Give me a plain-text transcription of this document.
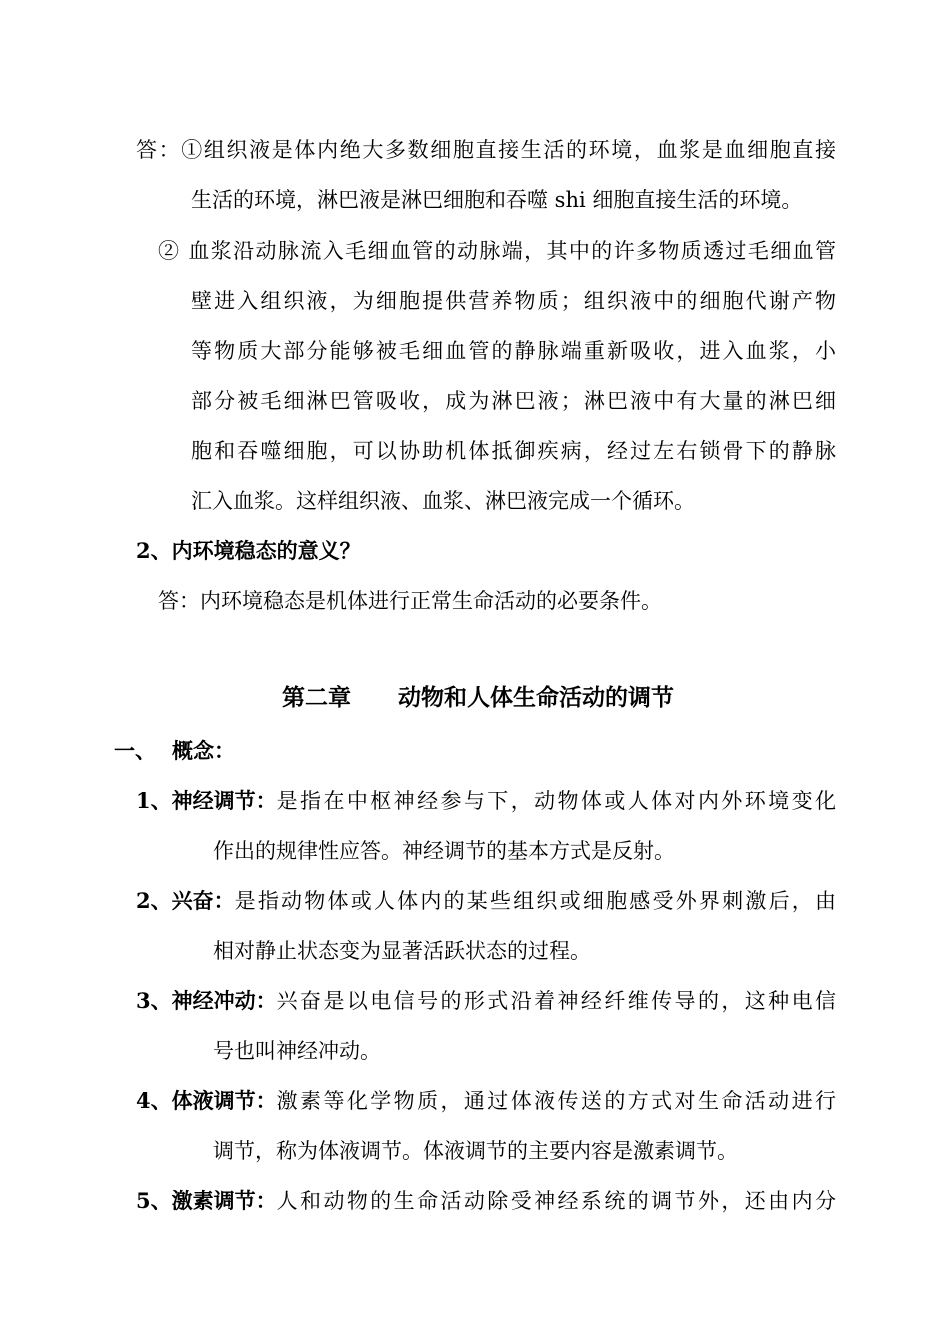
答：①组织液是体内绝大多数细胞直接生活的环境，血浆是血细胞直接
生活的环境，淋巴液是淋巴细胞和吞噬 shi 细胞直接生活的环境。
② 血浆沿动脉流入毛细血管的动脉端，其中的许多物质透过毛细血管
壁进入组织液，为细胞提供营养物质；组织液中的细胞代谢产物
等物质大部分能够被毛细血管的静脉端重新吸收，进入血浆，小
部分被毛细淋巴管吸收，成为淋巴液；淋巴液中有大量的淋巴细
胞和吞噬细胞，可以协助机体抵御疾病，经过左右锁骨下的静脉
汇入血浆。这样组织液、血浆、淋巴液完成一个循环。
2、内环境稳态的意义？
答：内环境稳态是机体进行正常生命活动的必要条件。
第二章 动物和人体生命活动的调节
一、 概念：
1、神经调节： 是指在中枢神经参与下，动物体或人体对内外环境变化
作出的规律性应答。神经调节的基本方式是反射。
2、兴奋： 是指动物体或人体内的某些组织或细胞感受外界刺激后，由
相对静止状态变为显著活跃状态的过程。
3、神经冲动： 兴奋是以电信号的形式沿着神经纤维传导的，这种电信
号也叫神经冲动。
4、体液调节： 激素等化学物质，通过体液传送的方式对生命活动进行
调节，称为体液调节。体液调节的主要内容是激素调节。
5、激素调节： 人和动物的生命活动除受神经系统的调节外，还由内分
